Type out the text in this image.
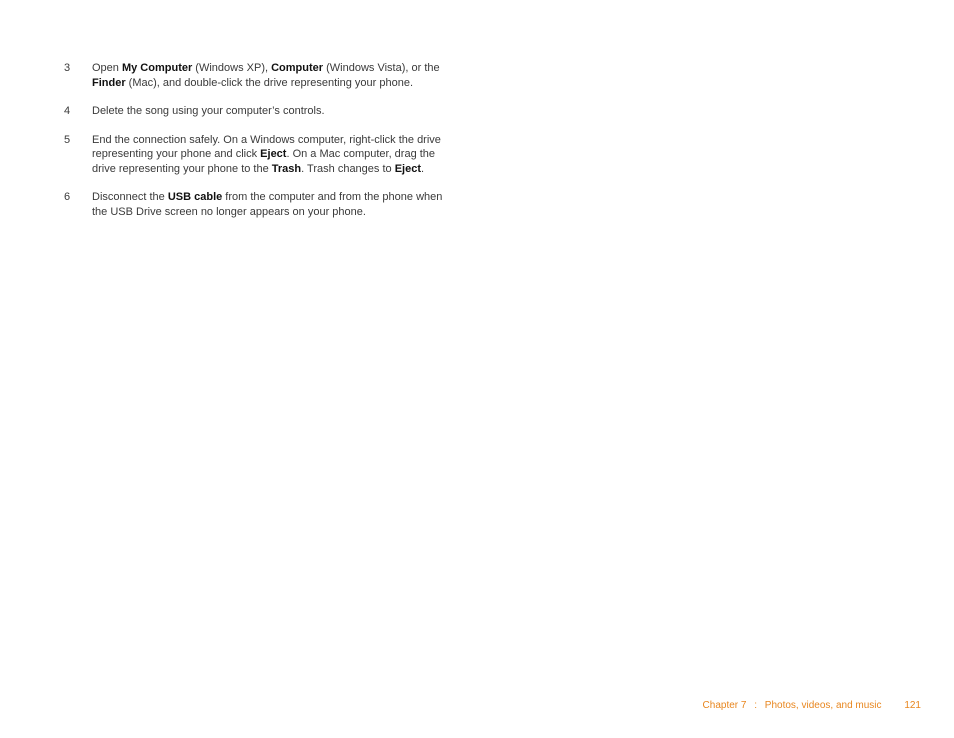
3 Open My Computer (Windows XP), Computer (Windows Vista), or the Finder (Mac), and double-click the drive representing your phone.
4 Delete the song using your computer’s controls.
5 End the connection safely. On a Windows computer, right-click the drive representing your phone and click Eject. On a Mac computer, drag the drive representing your phone to the Trash. Trash changes to Eject.
6 Disconnect the USB cable from the computer and from the phone when the USB Drive screen no longer appears on your phone.
Chapter 7 : Photos, videos, and music 121
